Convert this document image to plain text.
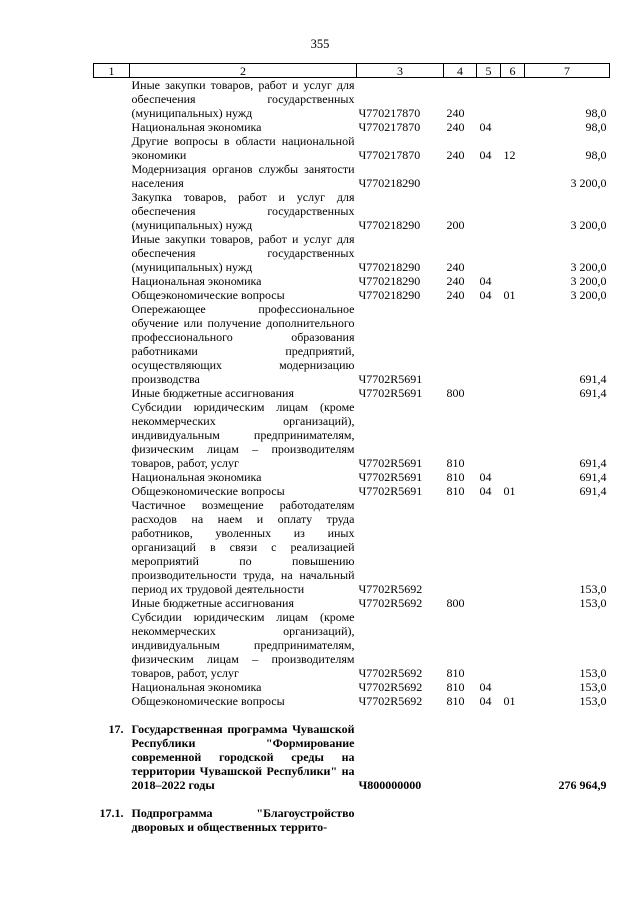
355
1	2	3	4	5	6	7
	Иные закупки товаров, работ и услуг для обеспечения государственных (муниципальных) нужд	Ч770217870	240			98,0
	Национальная экономика	Ч770217870	240	04		98,0
	Другие вопросы в области национальной экономики	Ч770217870	240	04	12	98,0
	Модернизация органов службы занятости населения	Ч770218290				3 200,0
	Закупка товаров, работ и услуг для обеспечения государственных (муниципальных) нужд	Ч770218290	200			3 200,0
	Иные закупки товаров, работ и услуг для обеспечения государственных (муниципальных) нужд	Ч770218290	240			3 200,0
	Национальная экономика	Ч770218290	240	04		3 200,0
	Общеэкономические вопросы	Ч770218290	240	04	01	3 200,0
	Опережающее профессиональное обучение или получение дополнительного профессионального образования работниками предприятий, осуществляющих модернизацию производства	Ч7702R5691				691,4
	Иные бюджетные ассигнования	Ч7702R5691	800			691,4
	Субсидии юридическим лицам (кроме некоммерческих организаций), индивидуальным предпринимателям, физическим лицам – производителям товаров, работ, услуг	Ч7702R5691	810			691,4
	Национальная экономика	Ч7702R5691	810	04		691,4
	Общеэкономические вопросы	Ч7702R5691	810	04	01	691,4
	Частичное возмещение работодателям расходов на наем и оплату труда работников, уволенных из иных организаций в связи с реализацией мероприятий по повышению производительности труда, на начальный период их трудовой деятельности	Ч7702R5692				153,0
	Иные бюджетные ассигнования	Ч7702R5692	800			153,0
	Субсидии юридическим лицам (кроме некоммерческих организаций), индивидуальным предпринимателям, физическим лицам – производителям товаров, работ, услуг	Ч7702R5692	810			153,0
	Национальная экономика	Ч7702R5692	810	04		153,0
	Общеэкономические вопросы	Ч7702R5692	810	04	01	153,0

17.	Государственная программа Чувашской Республики "Формирование современной городской среды на территории Чувашской Республики" на 2018–2022 годы	Ч800000000				276 964,9

17.1.	Подпрограмма "Благоустройство дворовых и общественных террито-					
